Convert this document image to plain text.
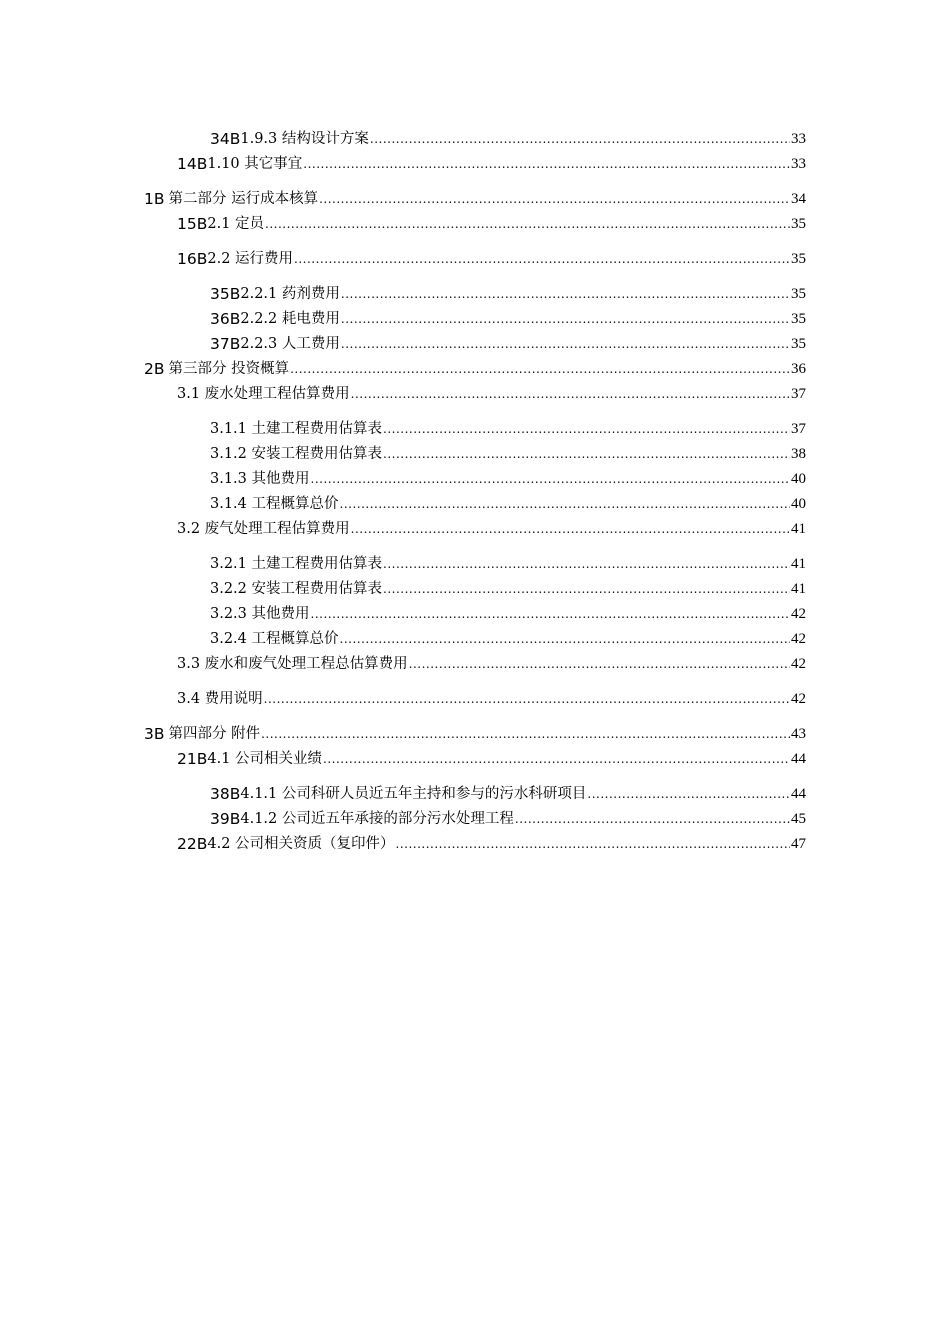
34B 1.9.3 结构设计方案 .....	33
14B 1.10 其它事宜 .....	33
1B 第二部分 运行成本核算 .....	34
15B 2.1 定员 .....	35
16B 2.2 运行费用 .....	35
35B 2.2.1 药剂费用 .....	35
36B 2.2.2 耗电费用 .....	35
37B 2.2.3 人工费用 .....	35
2B 第三部分 投资概算 .....	36
3.1 废水处理工程估算费用 .....	37
3.1.1 土建工程费用估算表 .....	37
3.1.2 安装工程费用估算表 .....	38
3.1.3 其他费用 .....	40
3.1.4 工程概算总价 .....	40
3.2 废气处理工程估算费用 .....	41
3.2.1 土建工程费用估算表 .....	41
3.2.2 安装工程费用估算表 .....	41
3.2.3 其他费用 .....	42
3.2.4 工程概算总价 .....	42
3.3 废水和废气处理工程总估算费用 .....	42
3.4 费用说明 .....	42
3B 第四部分 附件 .....	43
21B 4.1 公司相关业绩 .....	44
38B 4.1.1 公司科研人员近五年主持和参与的污水科研项目 .....	44
39B 4.1.2 公司近五年承接的部分污水处理工程 .....	45
22B 4.2 公司相关资质（复印件） .....	47
